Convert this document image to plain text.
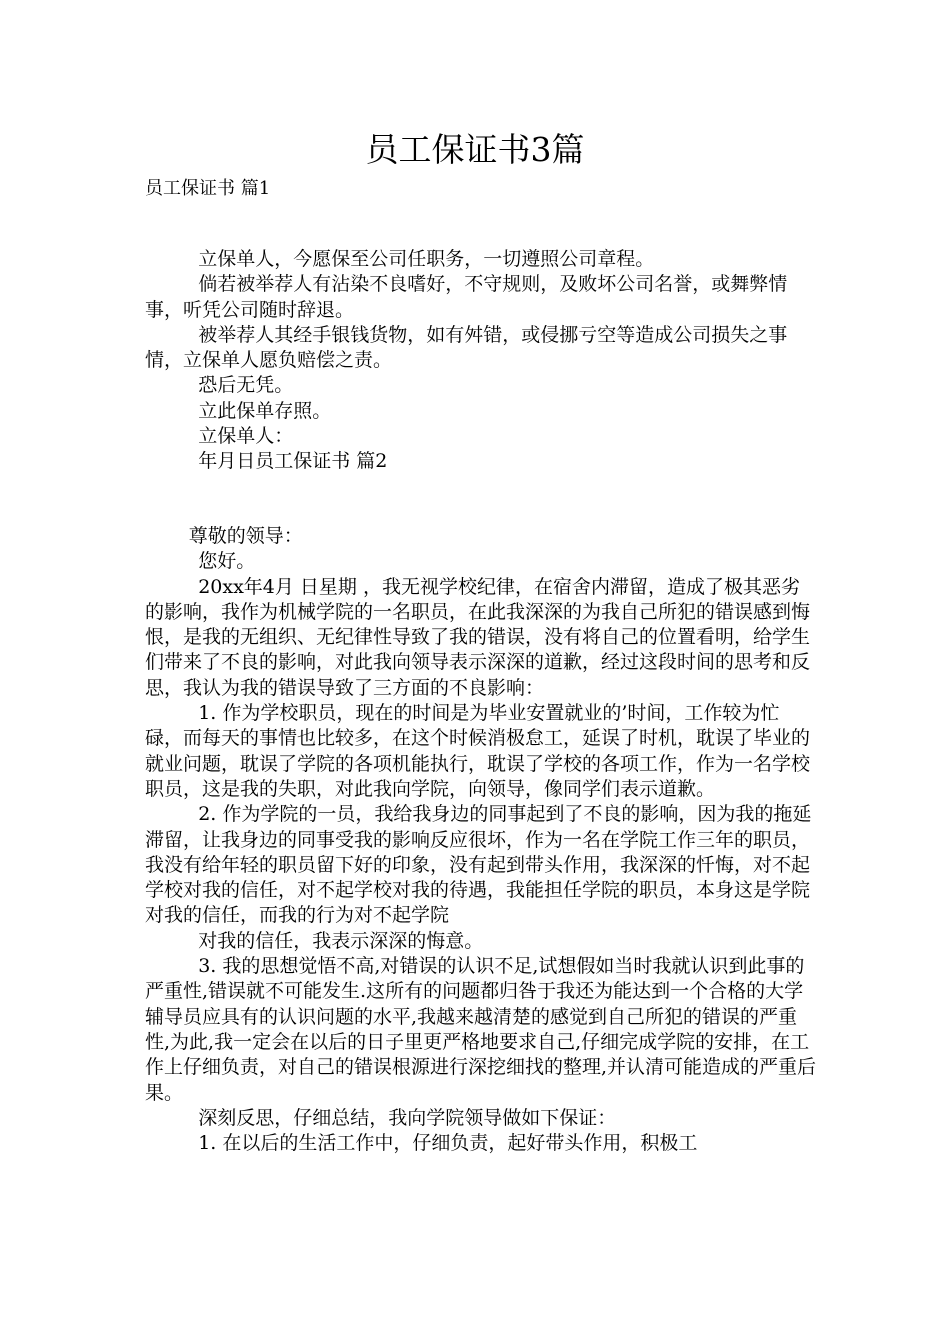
员工保证书3篇
员工保证书 篇1

立保单人，今愿保至公司任职务，一切遵照公司章程。

倘若被举荐人有沾染不良嗜好，不守规则，及败坏公司名誉，或舞弊情事，听凭公司随时辞退。

被举荐人其经手银钱货物，如有舛错，或侵挪亏空等造成公司损失之事情，立保单人愿负赔偿之责。

恐后无凭。

立此保单存照。

立保单人：

年月日员工保证书 篇2

尊敬的领导：

您好。

20xx年4月 日星期 ，我无视学校纪律，在宿舍内滞留，造成了极其恶劣的影响，我作为机械学院的一名职员，在此我深深的为我自己所犯的错误感到悔恨，是我的无组织、无纪律性导致了我的错误，没有将自己的位置看明，给学生们带来了不良的影响，对此我向领导表示深深的道歉，经过这段时间的思考和反思，我认为我的错误导致了三方面的不良影响：

1. 作为学校职员，现在的时间是为毕业安置就业的’时间，工作较为忙碌，而每天的事情也比较多，在这个时候消极怠工，延误了时机，耽误了毕业的就业问题，耽误了学院的各项机能执行，耽误了学校的各项工作，作为一名学校职员，这是我的失职，对此我向学院，向领导，像同学们表示道歉。

2. 作为学院的一员，我给我身边的同事起到了不良的影响，因为我的拖延滞留，让我身边的同事受我的影响反应很坏，作为一名在学院工作三年的职员，我没有给年轻的职员留下好的印象，没有起到带头作用，我深深的忏悔，对不起学校对我的信任，对不起学校对我的待遇，我能担任学院的职员，本身这是学院对我的信任，而我的行为对不起学院

对我的信任，我表示深深的悔意。

3. 我的思想觉悟不高,对错误的认识不足,试想假如当时我就认识到此事的严重性,错误就不可能发生.这所有的问题都归咎于我还为能达到一个合格的大学辅导员应具有的认识问题的水平,我越来越清楚的感觉到自己所犯的错误的严重性,为此,我一定会在以后的日子里更严格地要求自己,仔细完成学院的安排，在工作上仔细负责，对自己的错误根源进行深挖细找的整理,并认清可能造成的严重后果。

深刻反思，仔细总结，我向学院领导做如下保证：

1. 在以后的生活工作中，仔细负责，起好带头作用，积极工
